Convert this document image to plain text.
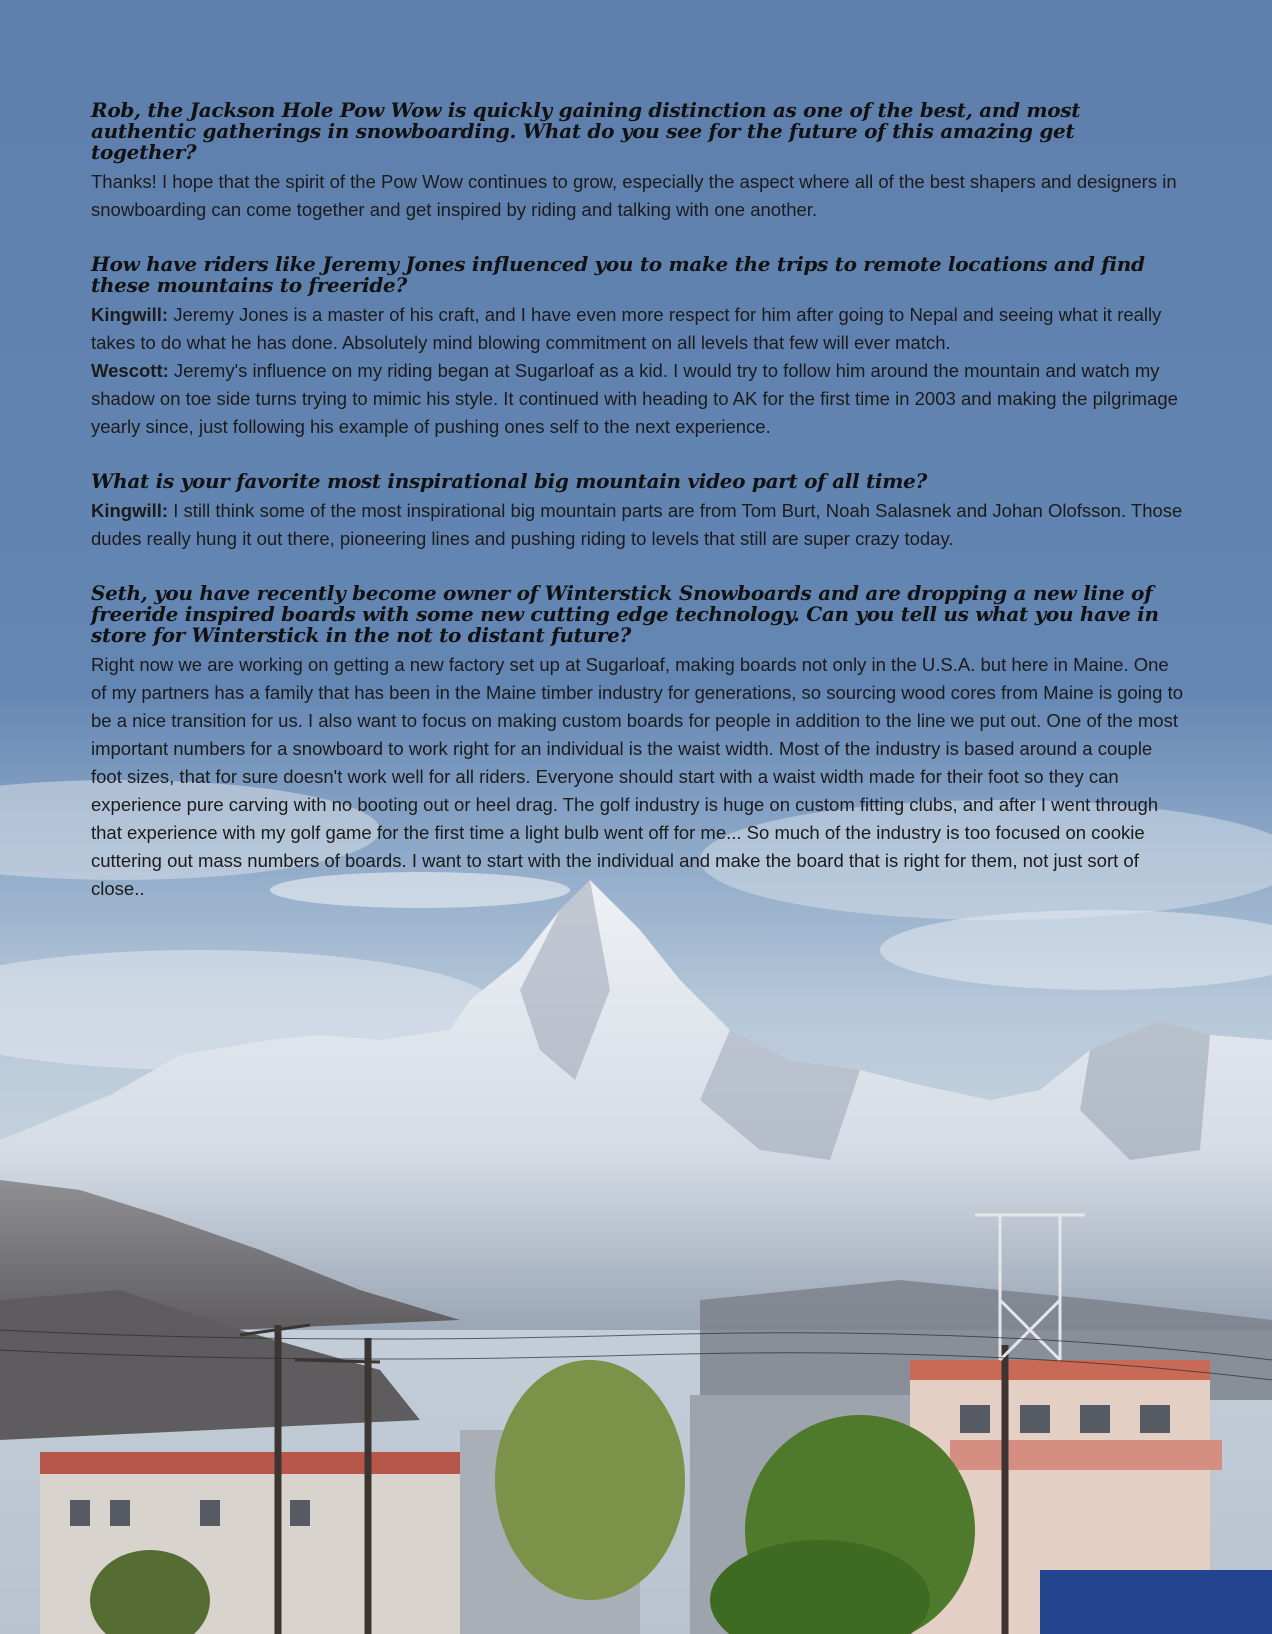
Rob, the Jackson Hole Pow Wow is quickly gaining distinction as one of the best, and most authentic gatherings in snowboarding. What do you see for the future of this amazing get together?

Thanks! I hope that the spirit of the Pow Wow continues to grow, especially the aspect where all of the best shapers and designers in snowboarding can come together and get inspired by riding and talking with one another.

How have riders like Jeremy Jones influenced you to make the trips to remote locations and find these mountains to freeride?

Kingwill: Jeremy Jones is a master of his craft, and I have even more respect for him after going to Nepal and seeing what it really takes to do what he has done. Absolutely mind blowing commitment on all levels that few will ever match.

Wescott: Jeremy's influence on my riding began at Sugarloaf as a kid. I would try to follow him around the mountain and watch my shadow on toe side turns trying to mimic his style. It continued with heading to AK for the first time in 2003 and making the pilgrimage yearly since, just following his example of pushing ones self to the next experience.

What is your favorite most inspirational big mountain video part of all time?

Kingwill: I still think some of the most inspirational big mountain parts are from Tom Burt, Noah Salasnek and Johan Olofsson. Those dudes really hung it out there, pioneering lines and pushing riding to levels that still are super crazy today.

Seth, you have recently become owner of Winterstick Snowboards and are dropping a new line of freeride inspired boards with some new cutting edge technology. Can you tell us what you have in store for Winterstick in the not to distant future?

Right now we are working on getting a new factory set up at Sugarloaf, making boards not only in the U.S.A. but here in Maine. One of my partners has a family that has been in the Maine timber industry for generations, so sourcing wood cores from Maine is going to be a nice transition for us. I also want to focus on making custom boards for people in addition to the line we put out. One of the most important numbers for a snowboard to work right for an individual is the waist width. Most of the industry is based around a couple foot sizes, that for sure doesn't work well for all riders. Everyone should start with a waist width made for their foot so they can experience pure carving with no booting out or heel drag. The golf industry is huge on custom fitting clubs, and after I went through that experience with my golf game for the first time a light bulb went off for me... So much of the industry is too focused on cookie cuttering out mass numbers of boards. I want to start with the individual and make the board that is right for them, not just sort of close..
